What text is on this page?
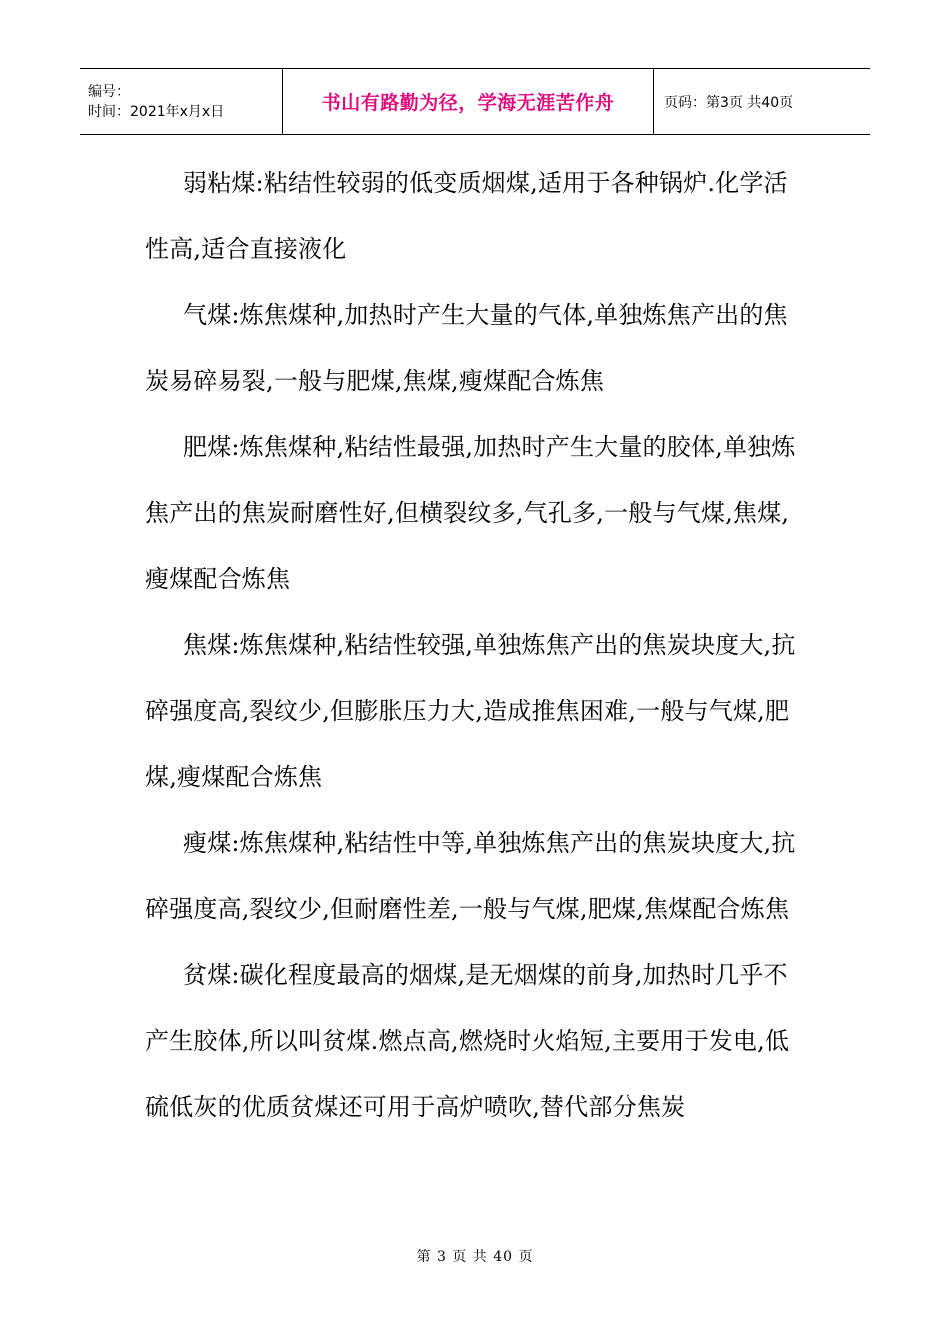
编号：
时间：2021年x月x日	书山有路勤为径，学海无涯苦作舟	页码：第3页 共40页

弱粘煤:粘结性较弱的低变质烟煤,适用于各种锅炉.化学活性高,适合直接液化

气煤:炼焦煤种,加热时产生大量的气体,单独炼焦产出的焦炭易碎易裂,一般与肥煤,焦煤,瘦煤配合炼焦

肥煤:炼焦煤种,粘结性最强,加热时产生大量的胶体,单独炼焦产出的焦炭耐磨性好,但横裂纹多,气孔多,一般与气煤,焦煤,瘦煤配合炼焦

焦煤:炼焦煤种,粘结性较强,单独炼焦产出的焦炭块度大,抗碎强度高,裂纹少,但膨胀压力大,造成推焦困难,一般与气煤,肥煤,瘦煤配合炼焦

瘦煤:炼焦煤种,粘结性中等,单独炼焦产出的焦炭块度大,抗碎强度高,裂纹少,但耐磨性差,一般与气煤,肥煤,焦煤配合炼焦

贫煤:碳化程度最高的烟煤,是无烟煤的前身,加热时几乎不产生胶体,所以叫贫煤.燃点高,燃烧时火焰短,主要用于发电,低硫低灰的优质贫煤还可用于高炉喷吹,替代部分焦炭

第 3 页 共 40 页
